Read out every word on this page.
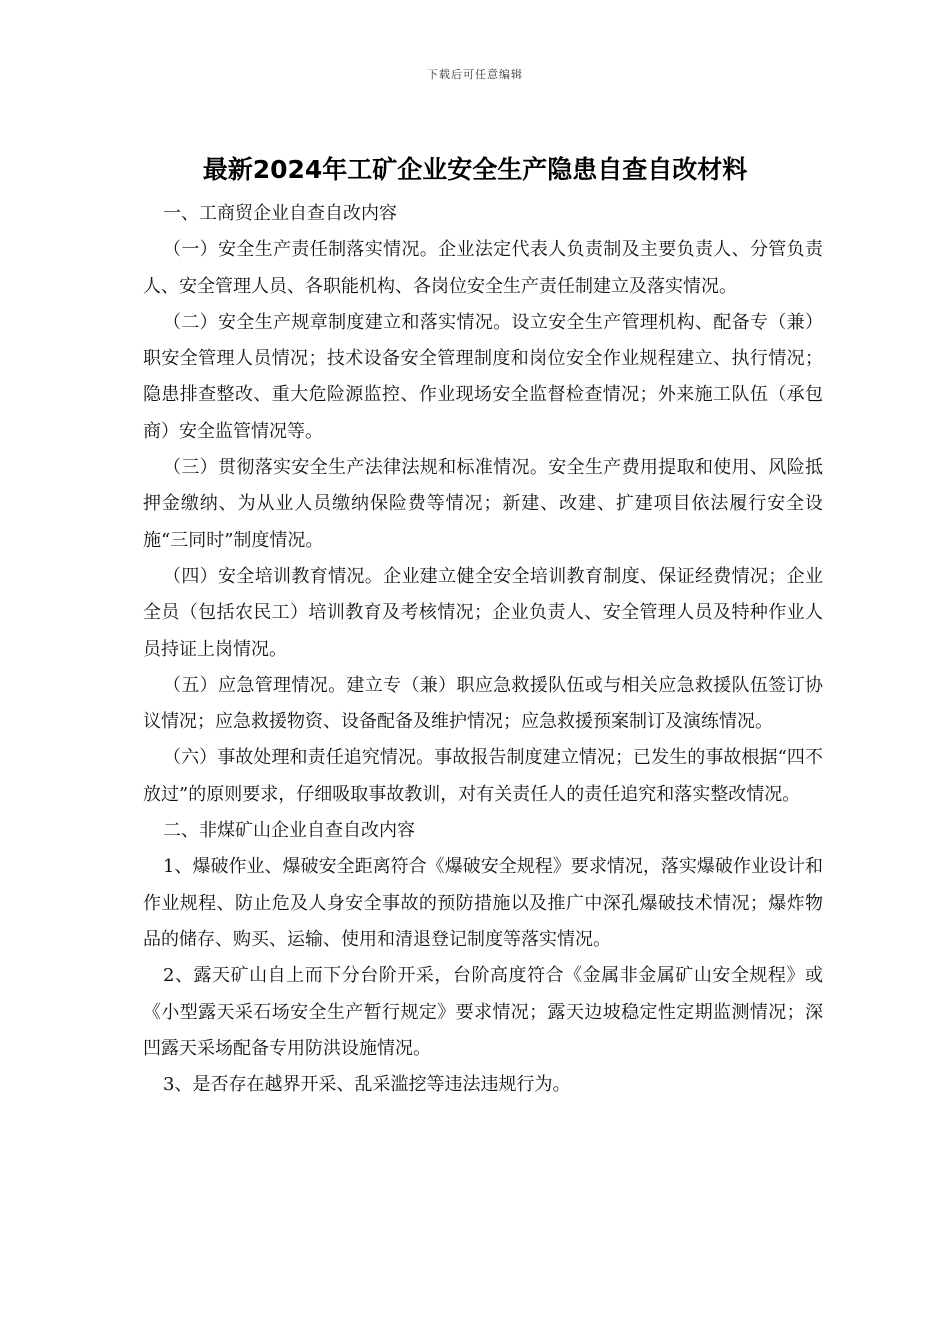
下载后可任意编辑
最新2024年工矿企业安全生产隐患自查自改材料

一、工商贸企业自查自改内容

（一）安全生产责任制落实情况。企业法定代表人负责制及主要负责人、分管负责人、安全管理人员、各职能机构、各岗位安全生产责任制建立及落实情况。

（二）安全生产规章制度建立和落实情况。设立安全生产管理机构、配备专（兼）职安全管理人员情况；技术设备安全管理制度和岗位安全作业规程建立、执行情况；隐患排查整改、重大危险源监控、作业现场安全监督检查情况；外来施工队伍（承包商）安全监管情况等。

（三）贯彻落实安全生产法律法规和标准情况。安全生产费用提取和使用、风险抵押金缴纳、为从业人员缴纳保险费等情况；新建、改建、扩建项目依法履行安全设施“三同时”制度情况。

（四）安全培训教育情况。企业建立健全安全培训教育制度、保证经费情况；企业全员（包括农民工）培训教育及考核情况；企业负责人、安全管理人员及特种作业人员持证上岗情况。

（五）应急管理情况。建立专（兼）职应急救援队伍或与相关应急救援队伍签订协议情况；应急救援物资、设备配备及维护情况；应急救援预案制订及演练情况。

（六）事故处理和责任追究情况。事故报告制度建立情况；已发生的事故根据“四不放过”的原则要求，仔细吸取事故教训，对有关责任人的责任追究和落实整改情况。

二、非煤矿山企业自查自改内容

1、爆破作业、爆破安全距离符合《爆破安全规程》要求情况，落实爆破作业设计和作业规程、防止危及人身安全事故的预防措施以及推广中深孔爆破技术情况；爆炸物品的储存、购买、运输、使用和清退登记制度等落实情况。

2、露天矿山自上而下分台阶开采，台阶高度符合《金属非金属矿山安全规程》或《小型露天采石场安全生产暂行规定》要求情况；露天边坡稳定性定期监测情况；深凹露天采场配备专用防洪设施情况。

3、是否存在越界开采、乱采滥挖等违法违规行为。
